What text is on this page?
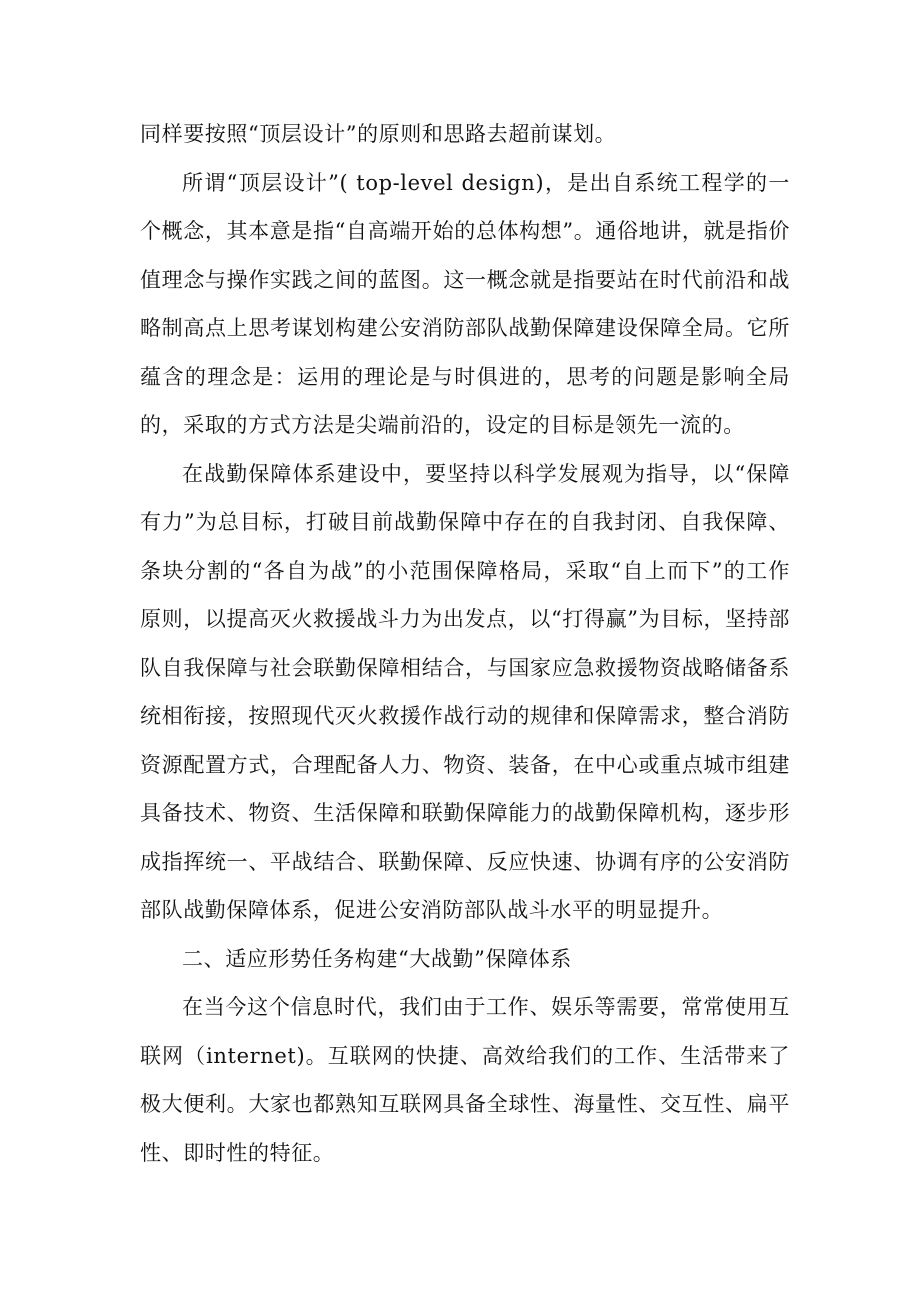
同样要按照“顶层设计”的原则和思路去超前谋划。

所谓“顶层设计”( top-level design)，是出自系统工程学的一个概念，其本意是指“自高端开始的总体构想”。通俗地讲，就是指价值理念与操作实践之间的蓝图。这一概念就是指要站在时代前沿和战略制高点上思考谋划构建公安消防部队战勤保障建设保障全局。它所蕴含的理念是：运用的理论是与时俱进的，思考的问题是影响全局的，采取的方式方法是尖端前沿的，设定的目标是领先一流的。

在战勤保障体系建设中，要坚持以科学发展观为指导，以“保障有力”为总目标，打破目前战勤保障中存在的自我封闭、自我保障、条块分割的“各自为战”的小范围保障格局，采取“自上而下”的工作原则，以提高灭火救援战斗力为出发点，以“打得赢”为目标，坚持部队自我保障与社会联勤保障相结合，与国家应急救援物资战略储备系统相衔接，按照现代灭火救援作战行动的规律和保障需求，整合消防资源配置方式，合理配备人力、物资、装备，在中心或重点城市组建具备技术、物资、生活保障和联勤保障能力的战勤保障机构，逐步形成指挥统一、平战结合、联勤保障、反应快速、协调有序的公安消防部队战勤保障体系，促进公安消防部队战斗水平的明显提升。

二、适应形势任务构建“大战勤”保障体系

在当今这个信息时代，我们由于工作、娱乐等需要，常常使用互联网（internet)。互联网的快捷、高效给我们的工作、生活带来了极大便利。大家也都熟知互联网具备全球性、海量性、交互性、扁平性、即时性的特征。
